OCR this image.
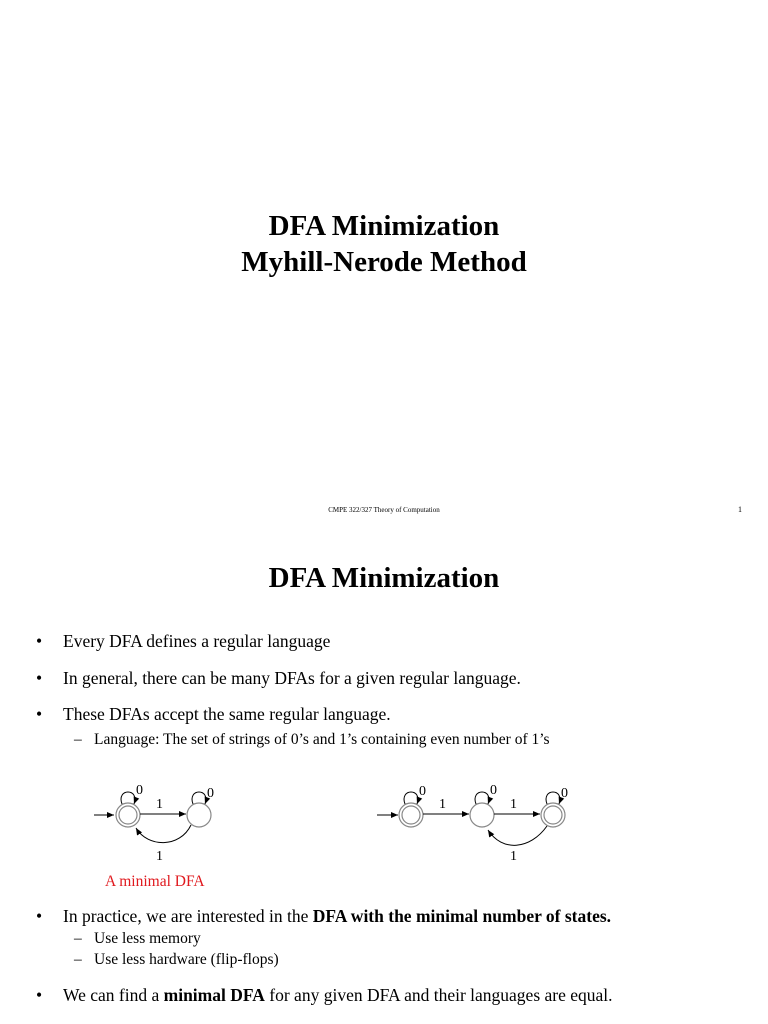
DFA Minimization
Myhill-Nerode Method
CMPE 322/327 Theory of Computation	1
DFA Minimization
• Every DFA defines a regular language
• In general, there can be many DFAs for a given regular language.
• These DFAs accept the same regular language.
– Language: The set of strings of 0’s and 1’s containing even number of 1’s
0	0
1
1
0	0	0
1	1
1
A minimal DFA
• In practice, we are interested in the DFA with the minimal number of states.
– Use less memory
– Use less hardware (flip-flops)
• We can find a minimal DFA for any given DFA and their languages are equal.
